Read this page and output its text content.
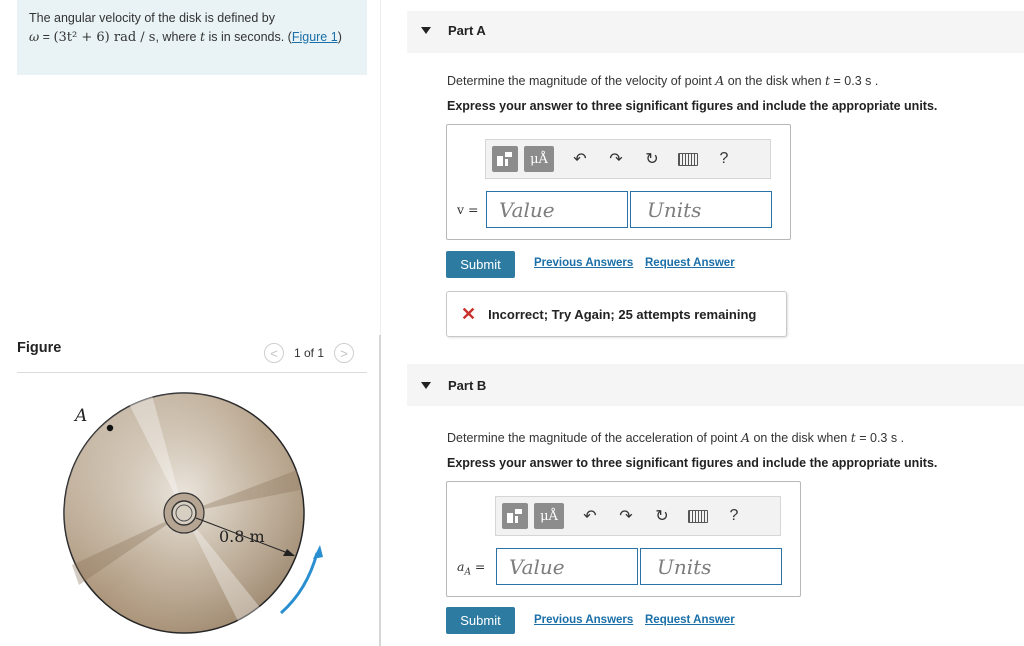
The angular velocity of the disk is defined by
ω = (3t² + 6) rad / s, where t is in seconds. (Figure 1)
Figure	<	1 of 1	>
A
0.8 m
Part A
Determine the magnitude of the velocity of point A on the disk when t = 0.3 s .
Express your answer to three significant figures and include the appropriate units.
μÅ	↶	↷	↻	?
v =	Value	Units
Submit	Previous Answers Request Answer
✕ Incorrect; Try Again; 25 attempts remaining
Part B
Determine the magnitude of the acceleration of point A on the disk when t = 0.3 s .
Express your answer to three significant figures and include the appropriate units.
μÅ	↶	↷	↻	?
$a_A$ =	Value	Units
Submit	Previous Answers Request Answer
